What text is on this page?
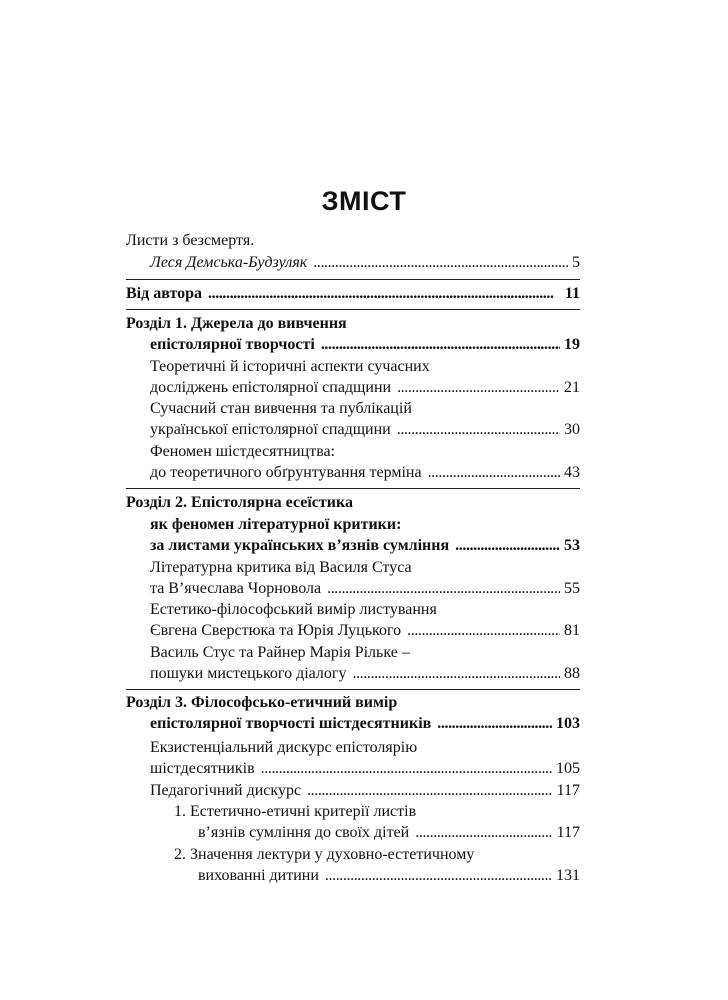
ЗМІСТ
Листи з безсмертя.
Леся Демська-Будзуляк . . .	5
Від автора . . .	11
Розділ 1. Джерела до вивчення
епістолярної творчості . . .	19
Теоретичні й історичні аспекти сучасних
досліджень епістолярної спадщини . . .	21
Сучасний стан вивчення та публікацій
української епістолярної спадщини . . .	30
Феномен шістдесятництва:
до теоретичного обґрунтування терміна . . .	43
Розділ 2. Епістолярна есеїстика
як феномен літературної критики:
за листами українських в’язнів сумління . . .	53
Літературна критика від Василя Стуса
та В’ячеслава Чорновола . . .	55
Естетико-філософський вимір листування
Євгена Сверстюка та Юрія Луцького . . .	81
Василь Стус та Райнер Марія Рільке –
пошуки мистецького діалогу . . .	88
Розділ 3. Філософсько-етичний вимір
епістолярної творчості шістдесятників . . .	103
Екзистенціальний дискурс епістолярію
шістдесятників . . .	105
Педагогічний дискурс . . .	117
1. Естетично-етичні критерії листів
в’язнів сумління до своїх дітей . . .	117
2. Значення лектури у духовно-естетичному
вихованні дитини . . .	131
